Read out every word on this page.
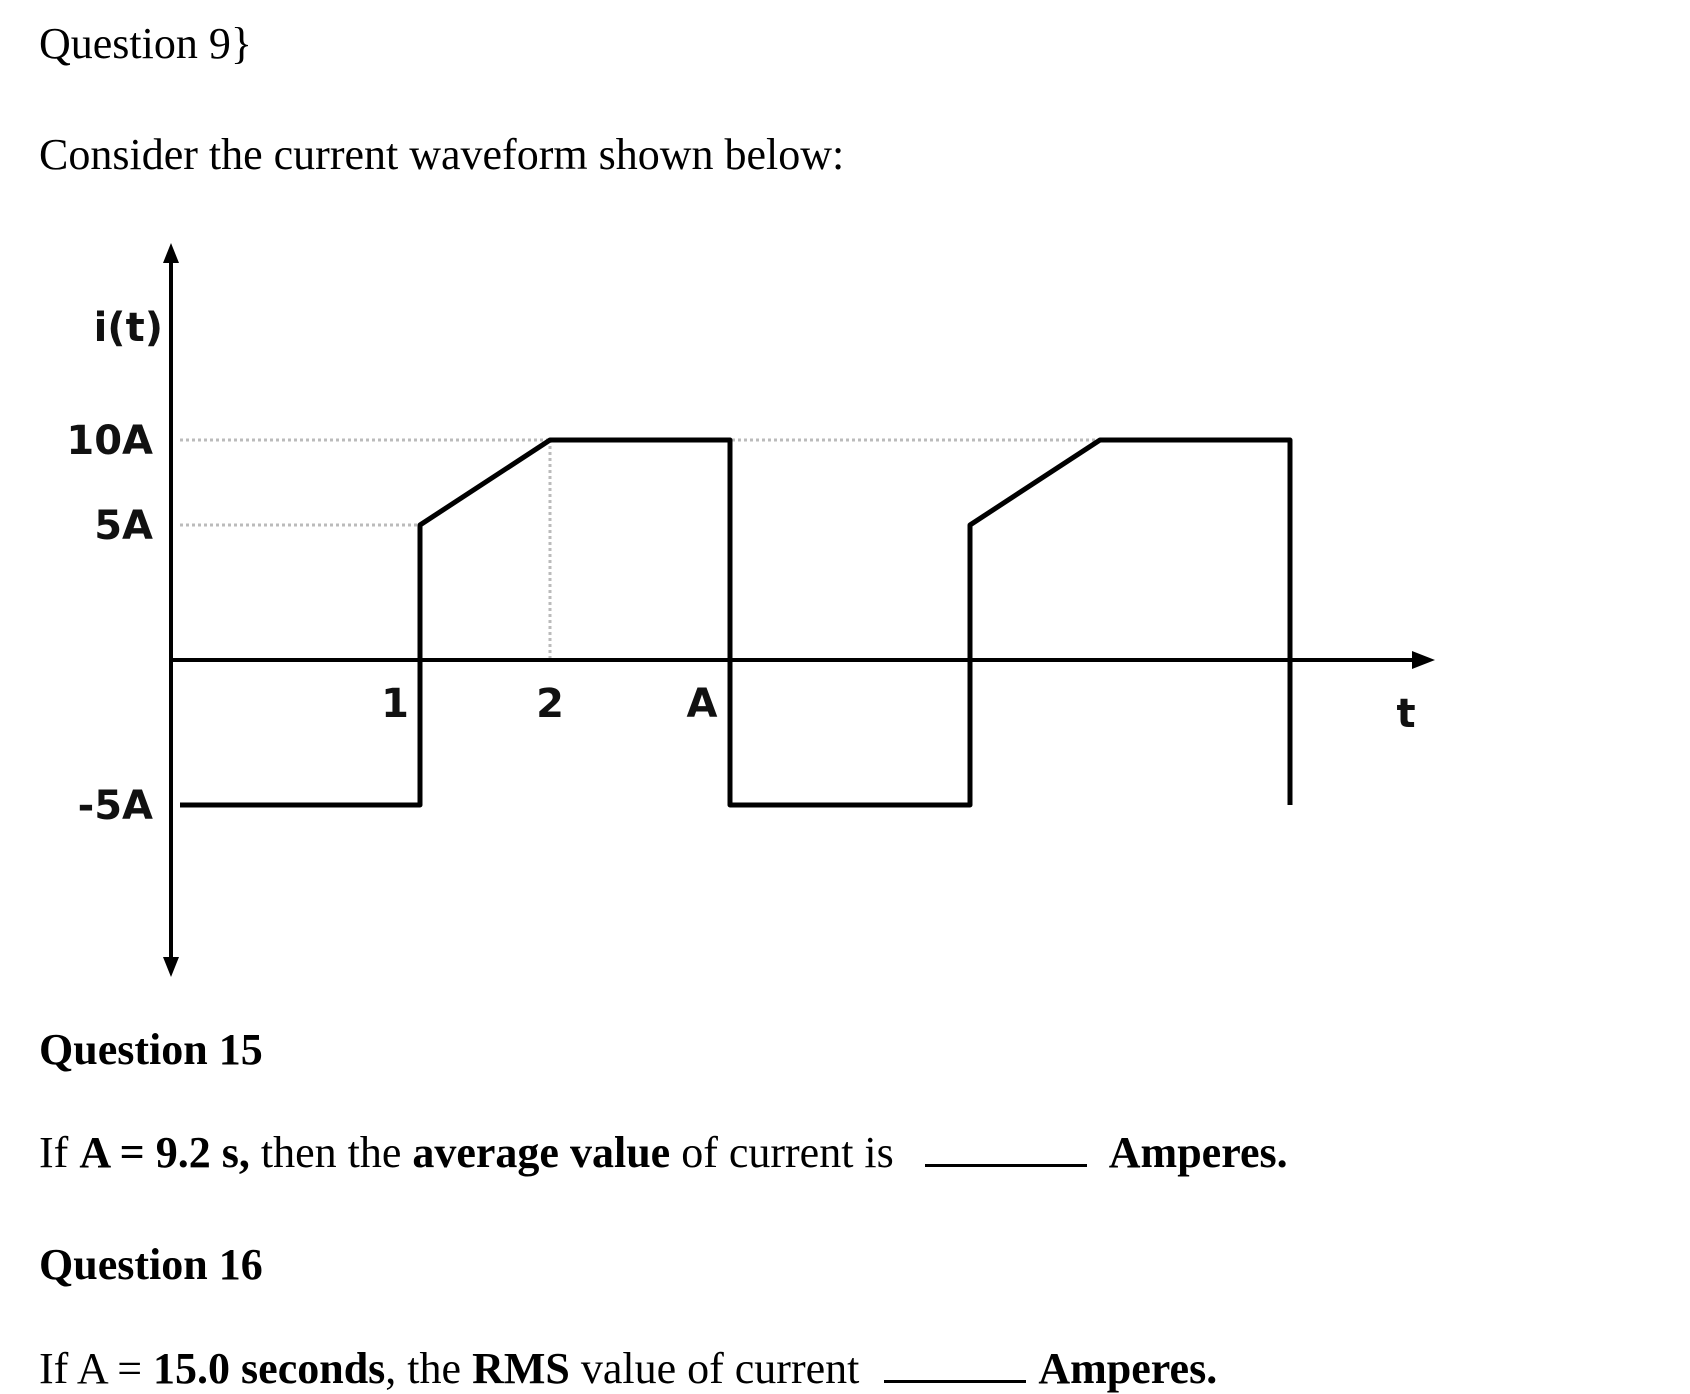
Question 9}
Consider the current waveform shown below:
i(t)
10A
5A
-5A
1	2	A	t
Question 15
If A = 9.2 s, then the average value of current is	Amperes.
Question 16
If A = 15.0 seconds, the RMS value of current	Amperes.
